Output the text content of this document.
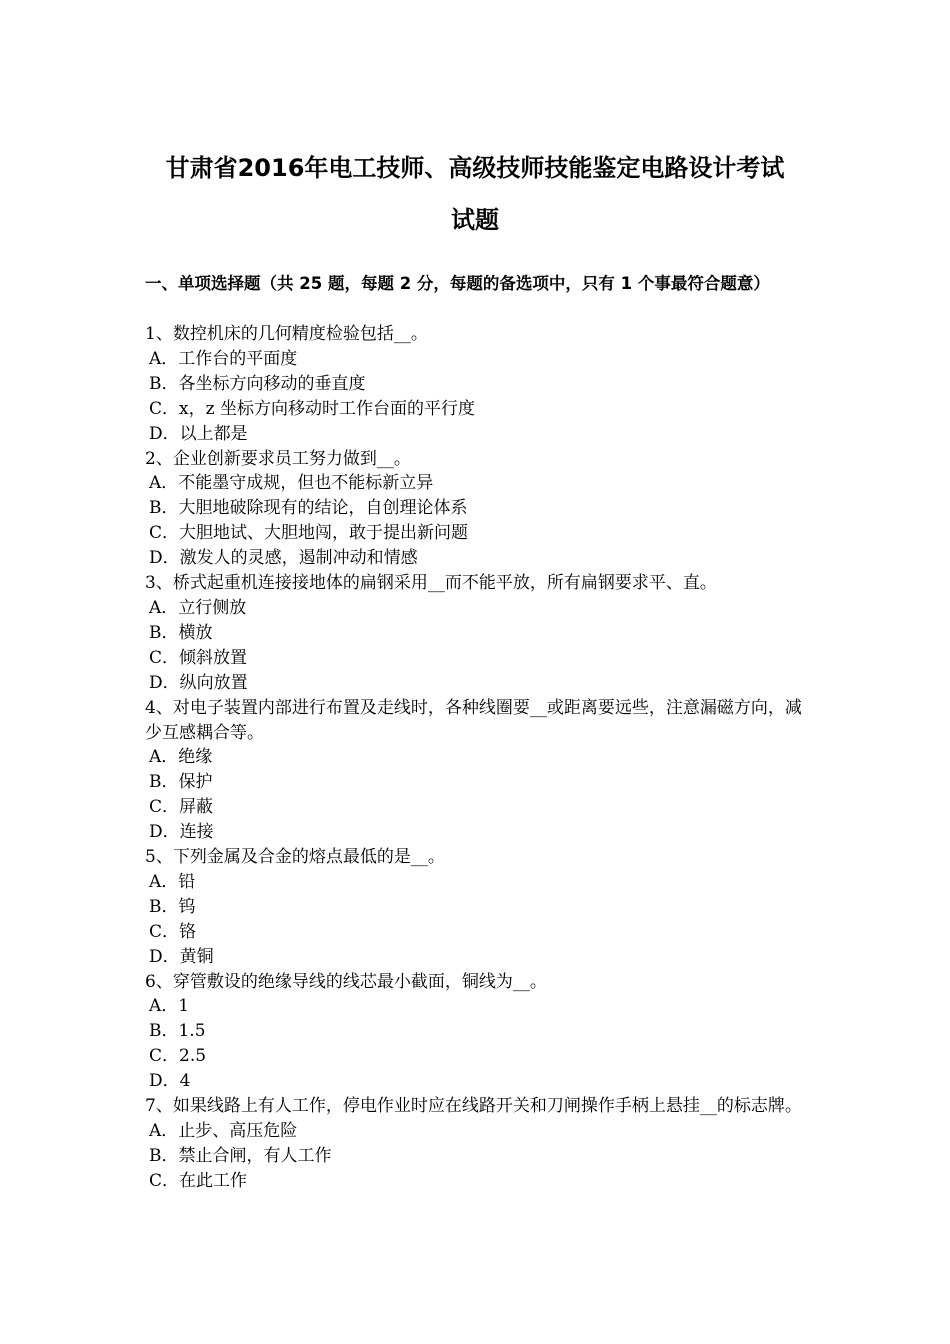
甘肃省2016年电工技师、高级技师技能鉴定电路设计考试
试题
一、单项选择题（共 25 题，每题 2 分，每题的备选项中，只有 1 个事最符合题意）
1、数控机床的几何精度检验包括__。
A．工作台的平面度
B．各坐标方向移动的垂直度
C．x，z 坐标方向移动时工作台面的平行度
D．以上都是
2、企业创新要求员工努力做到__。
A．不能墨守成规，但也不能标新立异
B．大胆地破除现有的结论，自创理论体系
C．大胆地试、大胆地闯，敢于提出新问题
D．激发人的灵感，遏制冲动和情感
3、桥式起重机连接接地体的扁钢采用__而不能平放，所有扁钢要求平、直。
A．立行侧放
B．横放
C．倾斜放置
D．纵向放置
4、对电子装置内部进行布置及走线时，各种线圈要__或距离要远些，注意漏磁方向，减少互感耦合等。
A．绝缘
B．保护
C．屏蔽
D．连接
5、下列金属及合金的熔点最低的是__。
A．铅
B．钨
C．铬
D．黄铜
6、穿管敷设的绝缘导线的线芯最小截面，铜线为__。
A．1
B．1.5
C．2.5
D．4
7、如果线路上有人工作，停电作业时应在线路开关和刀闸操作手柄上悬挂__的标志牌。
A．止步、高压危险
B．禁止合闸，有人工作
C．在此工作
